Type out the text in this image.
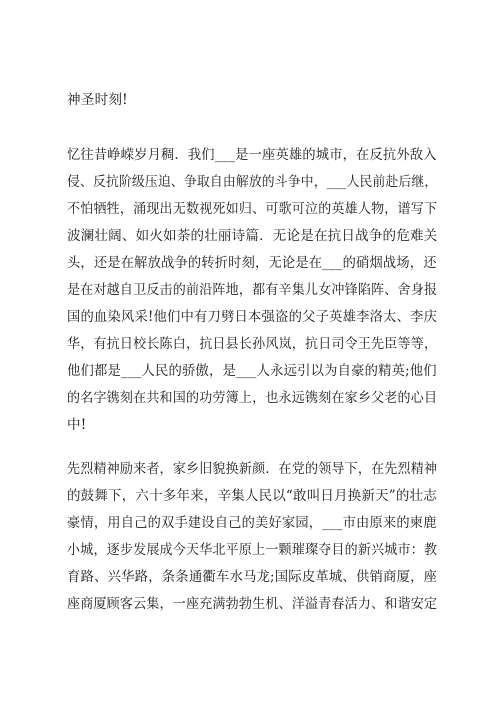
神圣时刻!

忆往昔峥嵘岁月稠．我们___是一座英雄的城市，在反抗外敌入
侵、反抗阶级压迫、争取自由解放的斗争中，___人民前赴后继，
不怕牺牲，涌现出无数视死如归、可歌可泣的英雄人物，谱写下
波澜壮阔、如火如荼的壮丽诗篇．无论是在抗日战争的危难关
头，还是在解放战争的转折时刻，无论是在___的硝烟战场，还
是在对越自卫反击的前沿阵地，都有辛集儿女冲锋陷阵、舍身报
国的血染风采!他们中有刀劈日本强盗的父子英雄李洛太、李庆
华，有抗日校长陈白，抗日县长孙风岚，抗日司令王先臣等等，
他们都是___人民的骄傲，是___人永远引以为自豪的精英;他们
的名字镌刻在共和国的功劳簿上，也永远镌刻在家乡父老的心目
中!

先烈精神励来者，家乡旧貌换新颜．在党的领导下，在先烈精神
的鼓舞下，六十多年来，辛集人民以“敢叫日月换新天”的壮志
豪情，用自己的双手建设自己的美好家园，___市由原来的柬鹿
小城，逐步发展成今天华北平原上一颗璀璨夺目的新兴城市：教
育路、兴华路，条条通衢车水马龙;国际皮革城、供销商厦，座
座商厦顾客云集，一座充满勃勃生机、洋溢青春活力、和谐安定
